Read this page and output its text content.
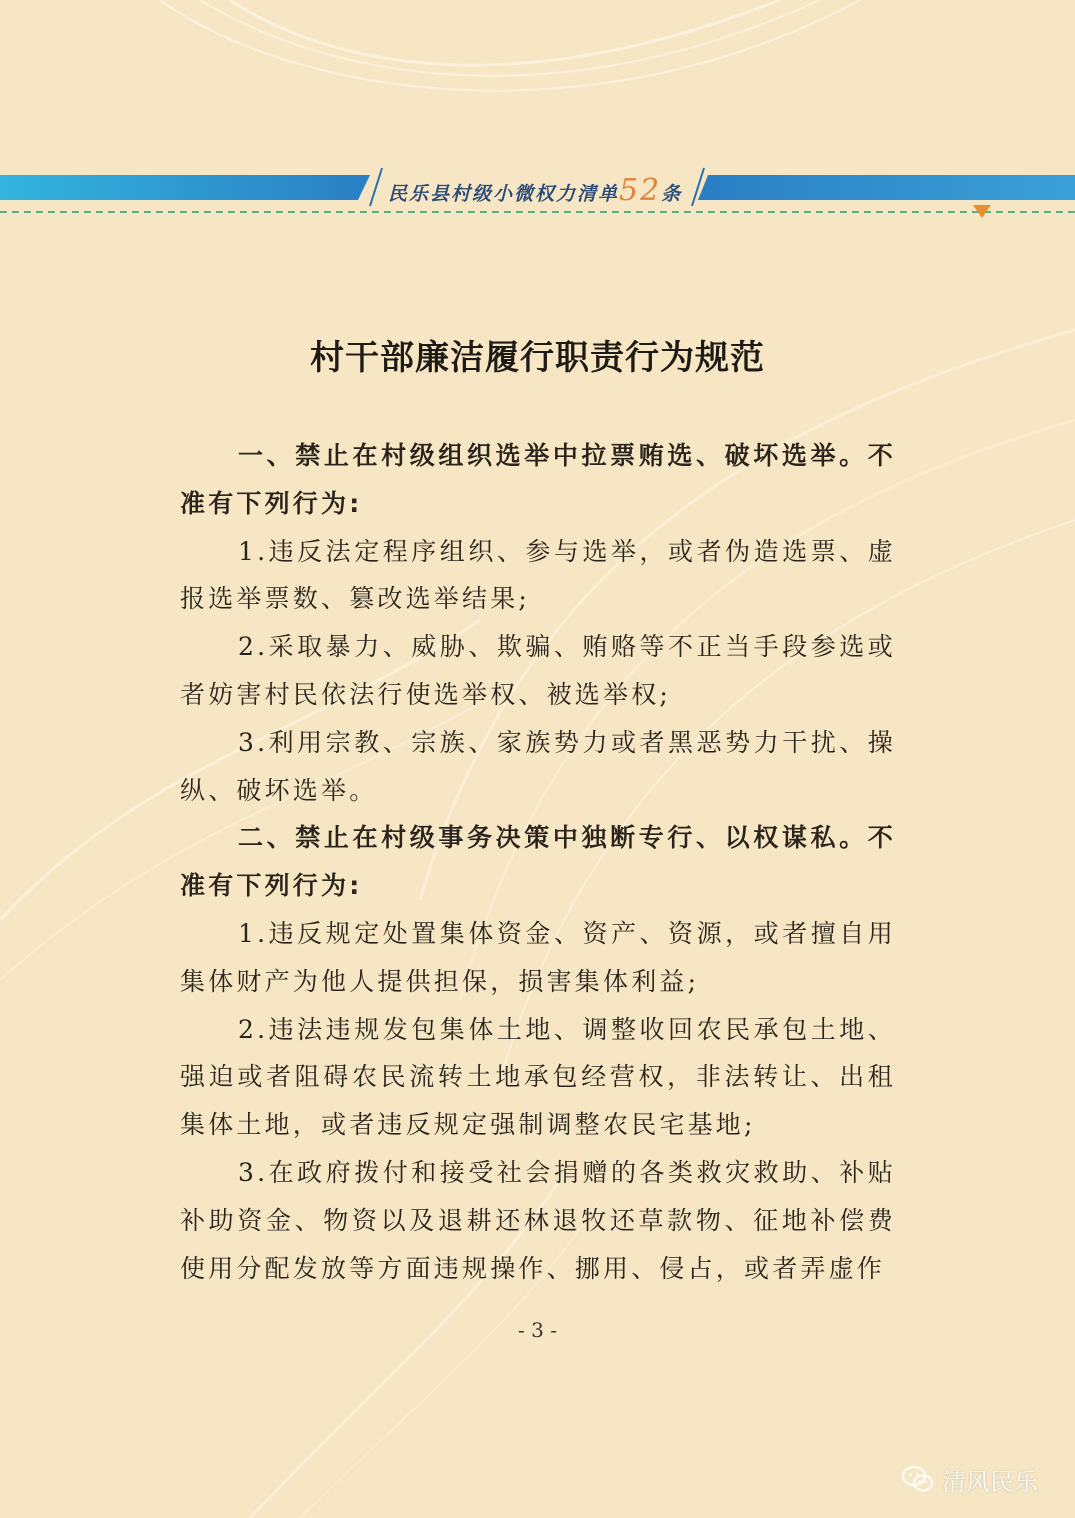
民乐县村级小微权力清单52条
村干部廉洁履行职责行为规范

一、禁止在村级组织选举中拉票贿选、破坏选举。不准有下列行为:

1.违反法定程序组织、参与选举，或者伪造选票、虚报选举票数、篡改选举结果;

2.采取暴力、威胁、欺骗、贿赂等不正当手段参选或者妨害村民依法行使选举权、被选举权;

3.利用宗教、宗族、家族势力或者黑恶势力干扰、操纵、破坏选举。

二、禁止在村级事务决策中独断专行、以权谋私。不准有下列行为:

1.违反规定处置集体资金、资产、资源，或者擅自用集体财产为他人提供担保，损害集体利益;

2.违法违规发包集体土地、调整收回农民承包土地、强迫或者阻碍农民流转土地承包经营权，非法转让、出租集体土地，或者违反规定强制调整农民宅基地;

3.在政府拨付和接受社会捐赠的各类救灾救助、补贴补助资金、物资以及退耕还林退牧还草款物、征地补偿费使用分配发放等方面违规操作、挪用、侵占，或者弄虚作

- 3 -
清风民乐
